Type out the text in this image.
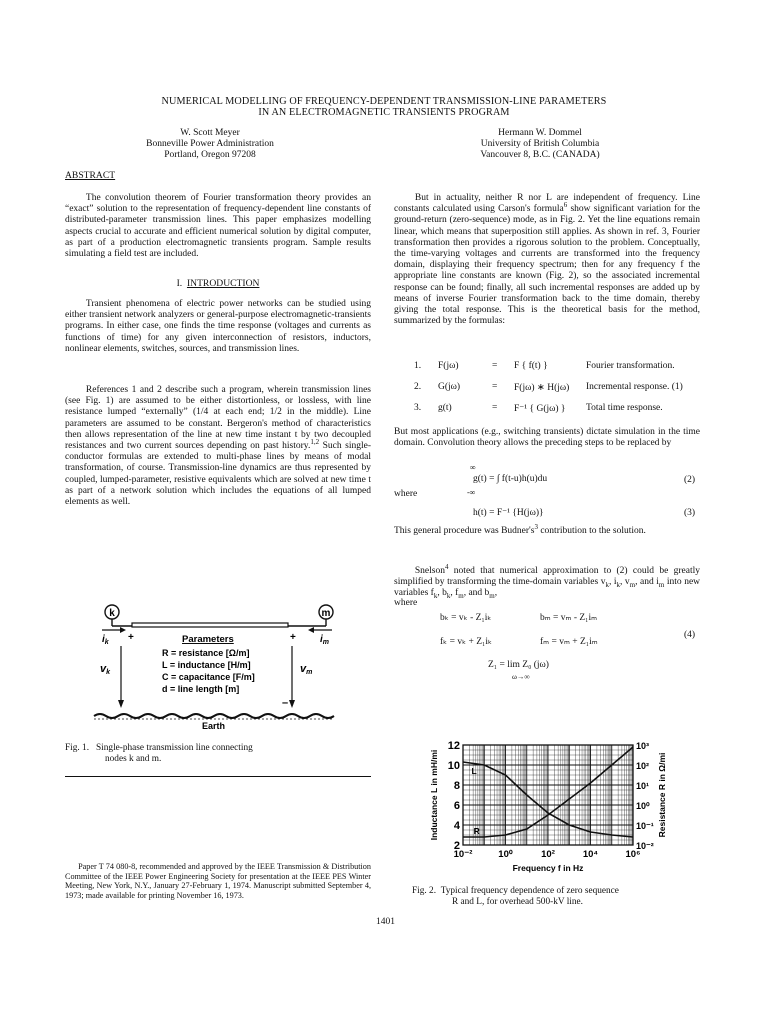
NUMERICAL MODELLING OF FREQUENCY-DEPENDENT TRANSMISSION-LINE PARAMETERS
IN AN ELECTROMAGNETIC TRANSIENTS PROGRAM
W. Scott Meyer
Bonneville Power Administration
Portland, Oregon 97208
Hermann W. Dommel
University of British Columbia
Vancouver 8, B.C. (CANADA)
ABSTRACT
The convolution theorem of Fourier transformation theory provides an “exact” solution to the representation of frequency-dependent line constants of distributed-parameter transmission lines. This paper emphasizes modelling aspects crucial to accurate and efficient numerical solution by digital computer, as part of a production electromagnetic transients program. Sample results simulating a field test are included.
I. INTRODUCTION
Transient phenomena of electric power networks can be studied using either transient network analyzers or general-purpose electromagnetic-transients programs. In either case, one finds the time response (voltages and currents as functions of time) for any given interconnection of resistors, inductors, nonlinear elements, switches, sources, and transmission lines.
References 1 and 2 describe such a program, wherein transmission lines (see Fig. 1) are assumed to be either distortionless, or lossless, with line resistance lumped “externally” (1/4 at each end; 1/2 in the middle). Line parameters are assumed to be constant. Bergeron's method of characteristics then allows representation of the line at new time instant t by two decoupled resistances and two current sources depending on past history.$^{1,2}$ Such single-conductor formulas are extended to multi-phase lines by means of modal transformation, of course. Transmission-line dynamics are thus represented by coupled, lumped-parameter, resistive equivalents which are solved at new time t as part of a network solution which includes the equations of all lumped elements as well.
k	m
$i_k$ +	$i_m$
+
vk	vm
–
Parameters
R = resistance [Ω/m]
L = inductance [H/m]
C = capacitance [F/m]
d = line length [m]
Earth
Fig. 1. Single-phase transmission line connecting
nodes k and m.
Paper T 74 080-8, recommended and approved by the IEEE Transmission & Distribution Committee of the IEEE Power Engineering Society for presentation at the IEEE PES Winter Meeting, New York, N.Y., January 27-February 1, 1974. Manuscript submitted September 4, 1973; made available for printing November 16, 1973.
But in actuality, neither R nor L are independent of frequency. Line constants calculated using Carson's formula$^6$ show significant variation for the ground-return (zero-sequence) mode, as in Fig. 2. Yet the line equations remain linear, which means that superposition still applies. As shown in ref. 3, Fourier transformation then provides a rigorous solution to the problem. Conceptually, the time-varying voltages and currents are transformed into the frequency domain, displaying their frequency spectrum; then for any frequency f the appropriate line constants are known (Fig. 2), so the associated incremental response can be found; finally, all such incremental responses are added up by means of inverse Fourier transformation back to the time domain, thereby giving the total response. This is the theoretical basis for the method, summarized by the formulas:
1. F(jω)	= F { f(t) }	Fourier transformation.
2. G(jω)	= F(jω) ∗ H(jω) Incremental response. (1)
3. g(t)	= F⁻¹ { G(jω) } Total time response.
But most applications (e.g., switching transients) dictate simulation in the time domain. Convolution theory allows the preceding steps to be replaced by
∞
g(t) = ∫ f(t-u)h(u)du
-∞
(2)
where
h(t) = F⁻¹ {H(jω)}	(3)
This general procedure was $Budner's^3$ contribution to the solution.
Snelson$^4$ noted that numerical approximation to (2) could be greatly simplified by transforming the time-domain variables $v_k$, $i_k$, $v_m$, and $i_m$ into new variables $f_k$, $b_k$, $f_m$, and $b_m$,
where
bₖ = vₖ - Z₁iₖ	bₘ = vₘ - Z₁iₘ
fₖ = vₖ + Z₁iₖ	fₘ = vₘ + Z₁iₘ
(4)
Z₁ = lim Z₀ (jω)
ω→∞
2
4
6
8
10
12
10⁻²
10⁻¹
10⁰
10¹
10²
10³
10⁻²	10⁰	10²	10⁴	10⁶
Frequency f in Hz
Inductance L in mH/mi	Resistance R in Ω/mi
L
R
Fig. 2. Typical frequency dependence of zero sequence
R and L, for overhead 500-kV line.
1401
